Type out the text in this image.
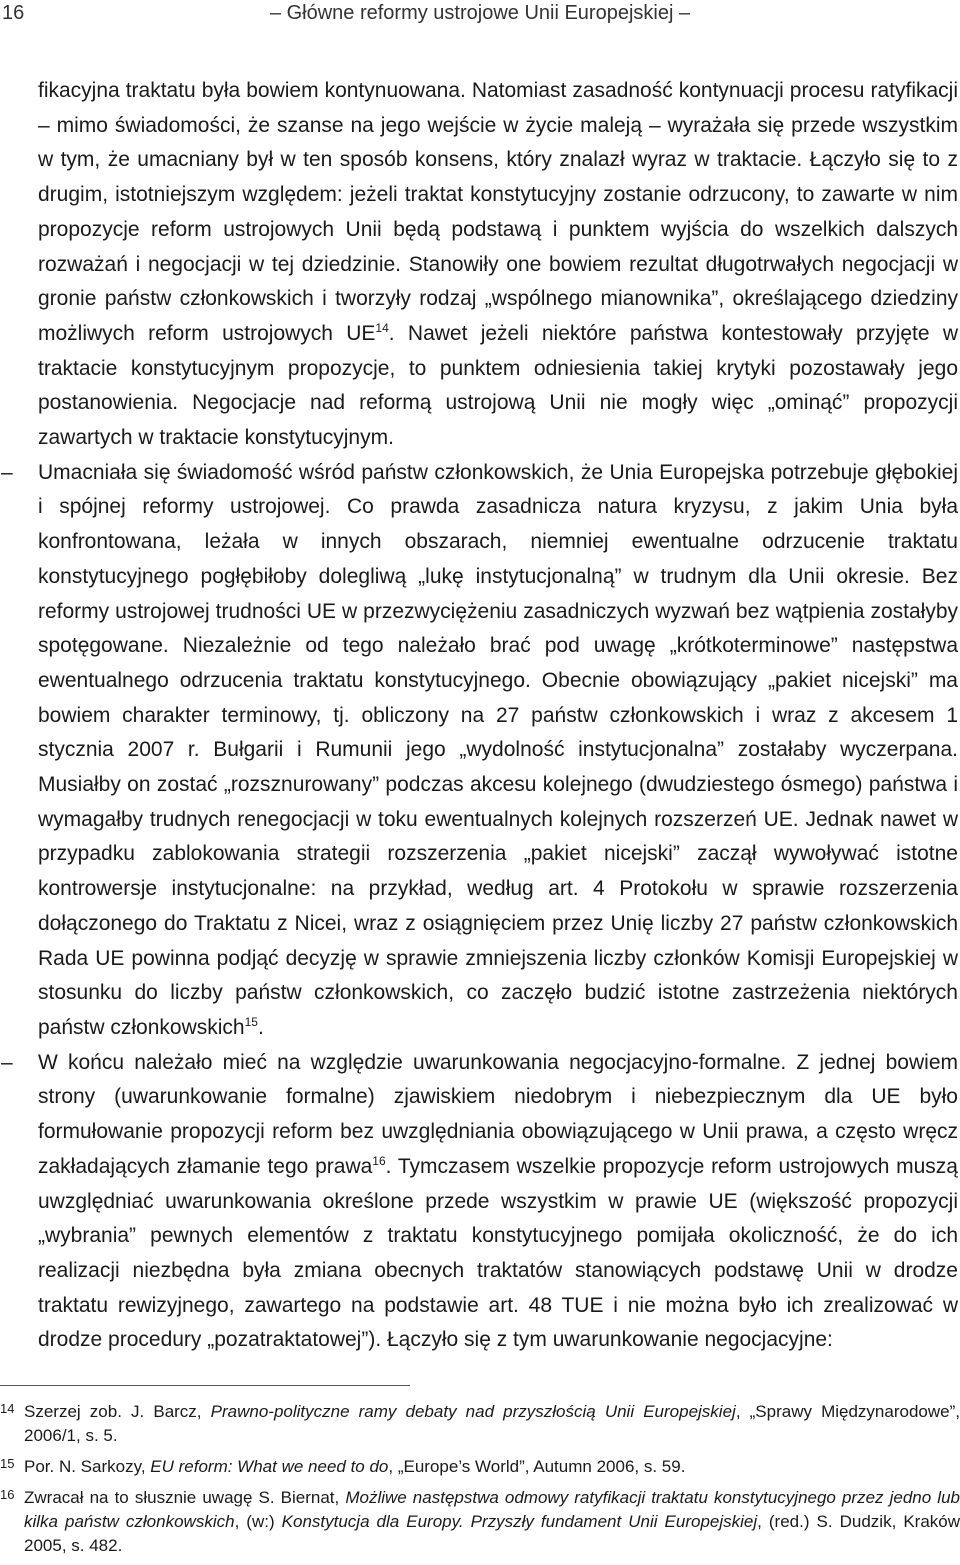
16	– Główne reformy ustrojowe Unii Europejskiej –

fikacyjna traktatu była bowiem kontynuowana. Natomiast zasadność kontynuacji procesu ratyfikacji – mimo świadomości, że szanse na jego wejście w życie maleją – wyrażała się przede wszystkim w tym, że umacniany był w ten sposób konsens, który znalazł wyraz w traktacie. Łączyło się to z drugim, istotniejszym względem: jeżeli traktat konstytucyjny zostanie odrzucony, to zawarte w nim propozycje reform ustrojowych Unii będą podstawą i punktem wyjścia do wszelkich dalszych rozważań i negocjacji w tej dziedzinie. Stanowiły one bowiem rezultat długotrwałych negocjacji w gronie państw członkowskich i tworzyły rodzaj „wspólnego mianownika”, określającego dziedziny możliwych reform ustrojowych UE$^{14}$. Nawet jeżeli niektóre państwa kontestowały przyjęte w traktacie konstytucyjnym propozycje, to punktem odniesienia takiej krytyki pozostawały jego postanowienia. Negocjacje nad reformą ustrojową Unii nie mogły więc „ominąć” propozycji zawartych w traktacie konstytucyjnym.

– Umacniała się świadomość wśród państw członkowskich, że Unia Europejska potrzebuje głębokiej i spójnej reformy ustrojowej. Co prawda zasadnicza natura kryzysu, z jakim Unia była konfrontowana, leżała w innych obszarach, niemniej ewentualne odrzucenie traktatu konstytucyjnego pogłębiłoby dolegliwą „lukę instytucjonalną” w trudnym dla Unii okresie. Bez reformy ustrojowej trudności UE w przezwyciężeniu zasadniczych wyzwań bez wątpienia zostałyby spotęgowane. Niezależnie od tego należało brać pod uwagę „krótkoterminowe” następstwa ewentualnego odrzucenia traktatu konstytucyjnego. Obecnie obowiązujący „pakiet nicejski” ma bowiem charakter terminowy, tj. obliczony na 27 państw członkowskich i wraz z akcesem 1 stycznia 2007 r. Bułgarii i Rumunii jego „wydolność instytucjonalna” zostałaby wyczerpana. Musiałby on zostać „rozsznurowany” podczas akcesu kolejnego (dwudziestego ósmego) państwa i wymagałby trudnych renegocjacji w toku ewentualnych kolejnych rozszerzeń UE. Jednak nawet w przypadku zablokowania strategii rozszerzenia „pakiet nicejski” zaczął wywoływać istotne kontrowersje instytucjonalne: na przykład, według art. 4 Protokołu w sprawie rozszerzenia dołączonego do Traktatu z Nicei, wraz z osiągnięciem przez Unię liczby 27 państw członkowskich Rada UE powinna podjąć decyzję w sprawie zmniejszenia liczby członków Komisji Europejskiej w stosunku do liczby państw członkowskich, co zaczęło budzić istotne zastrzeżenia niektórych państw członkowskich$^{15}$.

– W końcu należało mieć na względzie uwarunkowania negocjacyjno-formalne. Z jednej bowiem strony (uwarunkowanie formalne) zjawiskiem niedobrym i niebezpiecznym dla UE było formułowanie propozycji reform bez uwzględniania obowiązującego w Unii prawa, a często wręcz zakładających złamanie tego prawa$^{16}$. Tymczasem wszelkie propozycje reform ustrojowych muszą uwzględniać uwarunkowania określone przede wszystkim w prawie UE (większość propozycji „wybrania” pewnych elementów z traktatu konstytucyjnego pomijała okoliczność, że do ich realizacji niezbędna była zmiana obecnych traktatów stanowiących podstawę Unii w drodze traktatu rewizyjnego, zawartego na podstawie art. 48 TUE i nie można było ich zrealizować w drodze procedury „pozatraktatowej”). Łączyło się z tym uwarunkowanie negocjacyjne:

14 Szerzej zob. J. Barcz, Prawno-polityczne ramy debaty nad przyszłością Unii Europejskiej, „Sprawy Międzynarodowe”, 2006/1, s. 5.
15 Por. N. Sarkozy, EU reform: What we need to do, „Europe’s World”, Autumn 2006, s. 59.
16 Zwracał na to słusznie uwagę S. Biernat, Możliwe następstwa odmowy ratyfikacji traktatu konstytucyjnego przez jedno lub kilka państw członkowskich, (w:) Konstytucja dla Europy. Przyszły fundament Unii Europejskiej, (red.) S. Dudzik, Kraków 2005, s. 482.
